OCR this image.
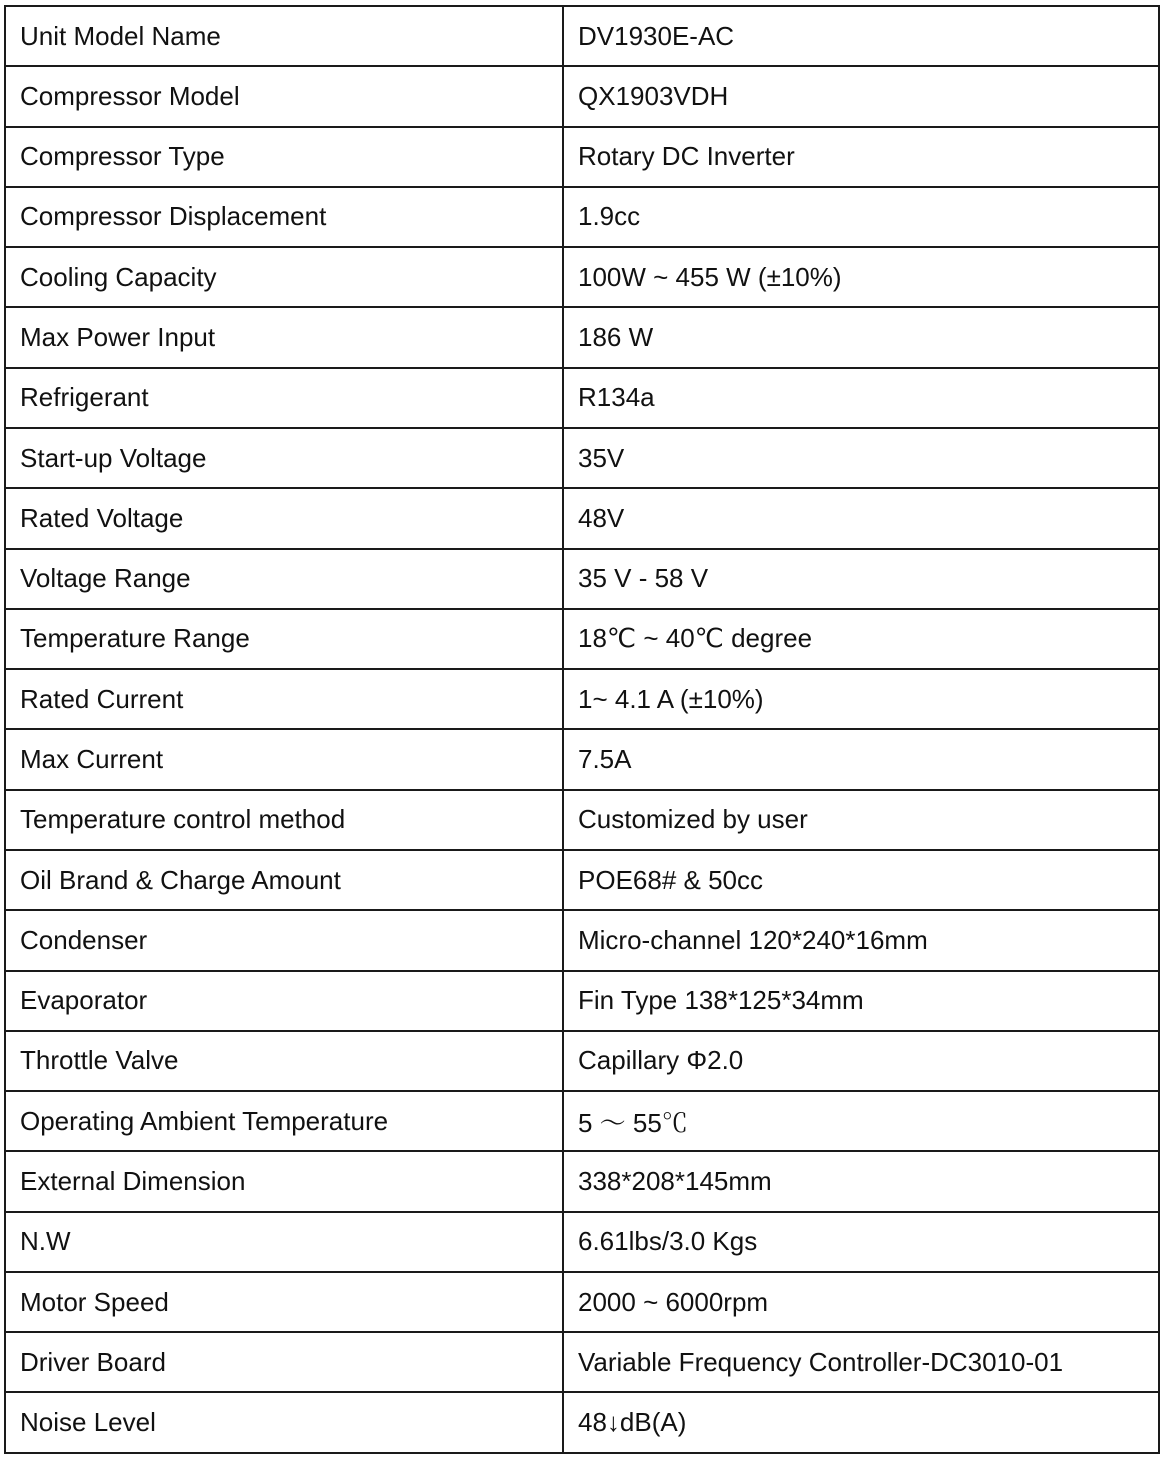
Unit Model Name	DV1930E-AC
Compressor Model	QX1903VDH
Compressor Type	Rotary DC Inverter
Compressor Displacement	1.9cc
Cooling Capacity	100W ~ 455 W (±10%)
Max Power Input	186 W
Refrigerant	R134a
Start-up Voltage	35V
Rated Voltage	48V
Voltage Range	35 V - 58 V
Temperature Range	18℃ ~ 40℃ degree
Rated Current	1~ 4.1 A (±10%)
Max Current	7.5A
Temperature control method	Customized by user
Oil Brand & Charge Amount	POE68# & 50cc
Condenser	Micro-channel 120*240*16mm
Evaporator	Fin Type 138*125*34mm
Throttle Valve	Capillary Φ2.0
Operating Ambient Temperature	5 ～ 55℃
External Dimension	338*208*145mm
N.W	6.61lbs/3.0 Kgs
Motor Speed	2000 ~ 6000rpm
Driver Board	Variable Frequency Controller-DC3010-01
Noise Level	48↓dB(A)
